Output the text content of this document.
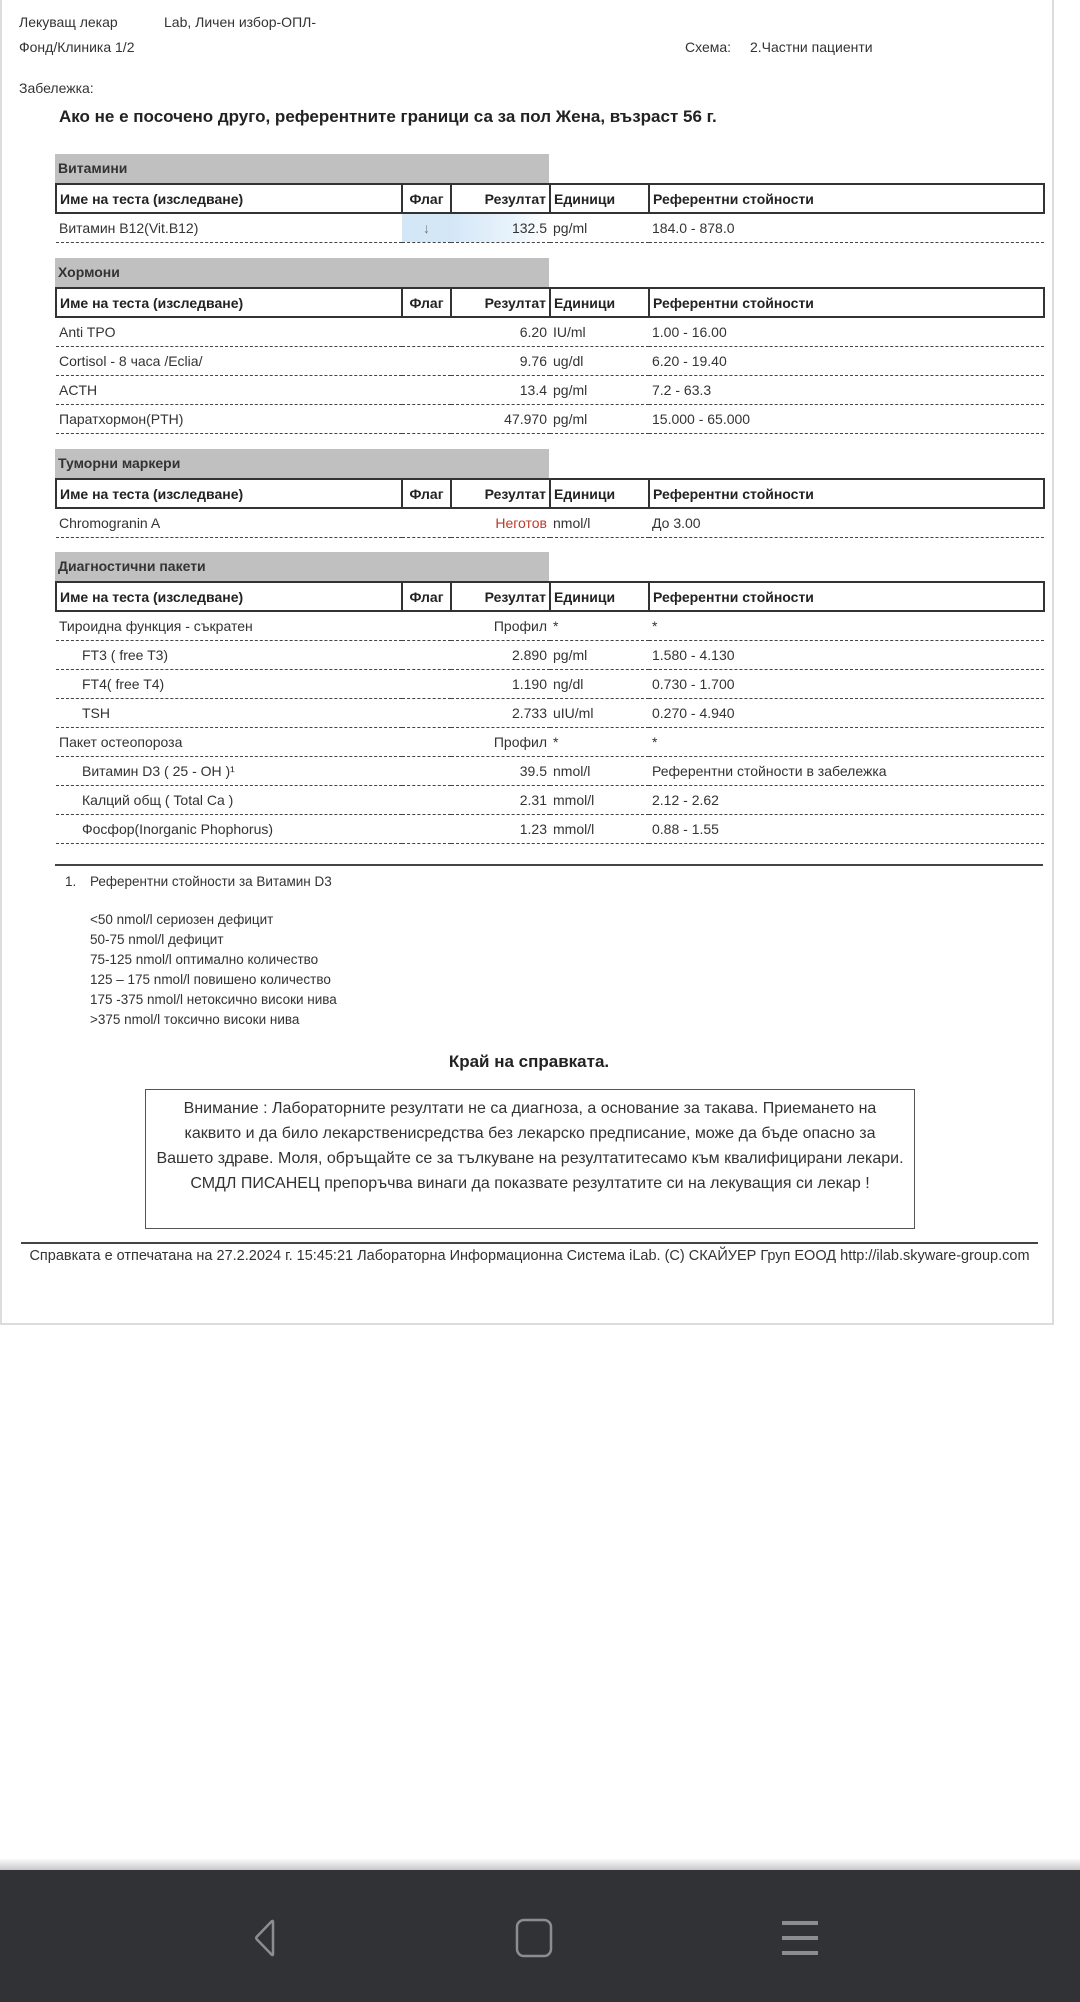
Лекуващ лекар	Lab, Личен избор-ОПЛ-
Фонд/Клиника 1/2	Схема: 2.Частни пациенти
Забележка:
Ако не е посочено друго, референтните граници са за пол Жена, възраст 56 г.
Витамини
Име на теста (изследване)	Флаг	Резултат	Единици	Референтни стойности
Витамин B12(Vit.B12)	↓	132.5	pg/ml	184.0 - 878.0
Хормони
Име на теста (изследване)	Флаг	Резултат	Единици	Референтни стойности
Anti TPO		6.20	IU/ml	1.00 - 16.00
Cortisol - 8 часа /Eclia/		9.76	ug/dl	6.20 - 19.40
ACTH		13.4	pg/ml	7.2 - 63.3
Паратхормон(PTH)		47.970	pg/ml	15.000 - 65.000
Туморни маркери
Име на теста (изследване)	Флаг	Резултат	Единици	Референтни стойности
Chromogranin A		Неготов	nmol/l	До 3.00
Диагностични пакети
Име на теста (изследване)	Флаг	Резултат	Единици	Референтни стойности
Тироидна функция - съкратен		Профил	*	*
FT3 ( free T3)		2.890	pg/ml	1.580 - 4.130
FT4( free T4)		1.190	ng/dl	0.730 - 1.700
TSH		2.733	uIU/ml	0.270 - 4.940
Пакет остеопороза		Профил	*	*
Витамин D3 ( 25 - OH )¹		39.5	nmol/l	Референтни стойности в забележка
Калций общ ( Total Ca )		2.31	mmol/l	2.12 - 2.62
Фосфор(Inorganic Phophorus)		1.23	mmol/l	0.88 - 1.55
1. Референтни стойности за Витамин D3
<50 nmol/l сериозен дефицит
50-75 nmol/l дефицит
75-125 nmol/l оптимално количество
125 – 175 nmol/l повишено количество
175 -375 nmol/l нетоксично високи нива
>375 nmol/l токсично високи нива
Край на справката.
Внимание : Лабораторните резултати не са диагноза, а основание за такава. Приемането на каквито и да било лекарственисредства без лекарско предписание, може да бъде опасно за Вашето здраве. Моля, обръщайте се за тълкуване на резултатитесамо към квалифицирани лекари. СМДЛ ПИСАНЕЦ препоръчва винаги да показвате резултатите си на лекуващия си лекар !
Справката е отпечатана на 27.2.2024 г. 15:45:21 Лабораторна Информационна Система iLab. (C) СКАЙУЕР Груп ЕООД http://ilab.skyware-group.com
